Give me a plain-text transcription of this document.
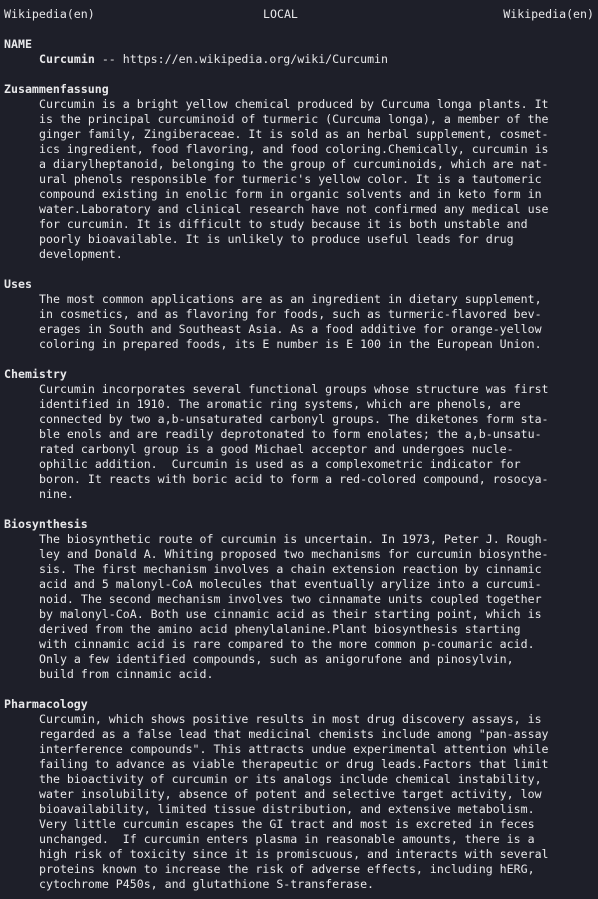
Wikipedia(en)	LOCAL	Wikipedia(en)
NAME
Curcumin -- https://en.wikipedia.org/wiki/Curcumin
Zusammenfassung
Curcumin is a bright yellow chemical produced by Curcuma longa plants. It
is the principal curcuminoid of turmeric (Curcuma longa), a member of the
ginger family, Zingiberaceae. It is sold as an herbal supplement, cosmet-
ics ingredient, food flavoring, and food coloring.Chemically, curcumin is
a diarylheptanoid, belonging to the group of curcuminoids, which are nat-
ural phenols responsible for turmeric's yellow color. It is a tautomeric
compound existing in enolic form in organic solvents and in keto form in
water.Laboratory and clinical research have not confirmed any medical use
for curcumin. It is difficult to study because it is both unstable and
poorly bioavailable. It is unlikely to produce useful leads for drug
development.
Uses
The most common applications are as an ingredient in dietary supplement,
in cosmetics, and as flavoring for foods, such as turmeric-flavored bev-
erages in South and Southeast Asia. As a food additive for orange-yellow
coloring in prepared foods, its E number is E 100 in the European Union.
Chemistry
Curcumin incorporates several functional groups whose structure was first
identified in 1910. The aromatic ring systems, which are phenols, are
connected by two a,b-unsaturated carbonyl groups. The diketones form sta-
ble enols and are readily deprotonated to form enolates; the a,b-unsatu-
rated carbonyl group is a good Michael acceptor and undergoes nucle-
ophilic addition.  Curcumin is used as a complexometric indicator for
boron. It reacts with boric acid to form a red-colored compound, rosocya-
nine.
Biosynthesis
The biosynthetic route of curcumin is uncertain. In 1973, Peter J. Rough-
ley and Donald A. Whiting proposed two mechanisms for curcumin biosynthe-
sis. The first mechanism involves a chain extension reaction by cinnamic
acid and 5 malonyl-CoA molecules that eventually arylize into a curcumi-
noid. The second mechanism involves two cinnamate units coupled together
by malonyl-CoA. Both use cinnamic acid as their starting point, which is
derived from the amino acid phenylalanine.Plant biosynthesis starting
with cinnamic acid is rare compared to the more common p-coumaric acid.
Only a few identified compounds, such as anigorufone and pinosylvin,
build from cinnamic acid.
Pharmacology
Curcumin, which shows positive results in most drug discovery assays, is
regarded as a false lead that medicinal chemists include among "pan-assay
interference compounds". This attracts undue experimental attention while
failing to advance as viable therapeutic or drug leads.Factors that limit
the bioactivity of curcumin or its analogs include chemical instability,
water insolubility, absence of potent and selective target activity, low
bioavailability, limited tissue distribution, and extensive metabolism.
Very little curcumin escapes the GI tract and most is excreted in feces
unchanged.  If curcumin enters plasma in reasonable amounts, there is a
high risk of toxicity since it is promiscuous, and interacts with several
proteins known to increase the risk of adverse effects, including hERG,
cytochrome P450s, and glutathione S-transferase.
